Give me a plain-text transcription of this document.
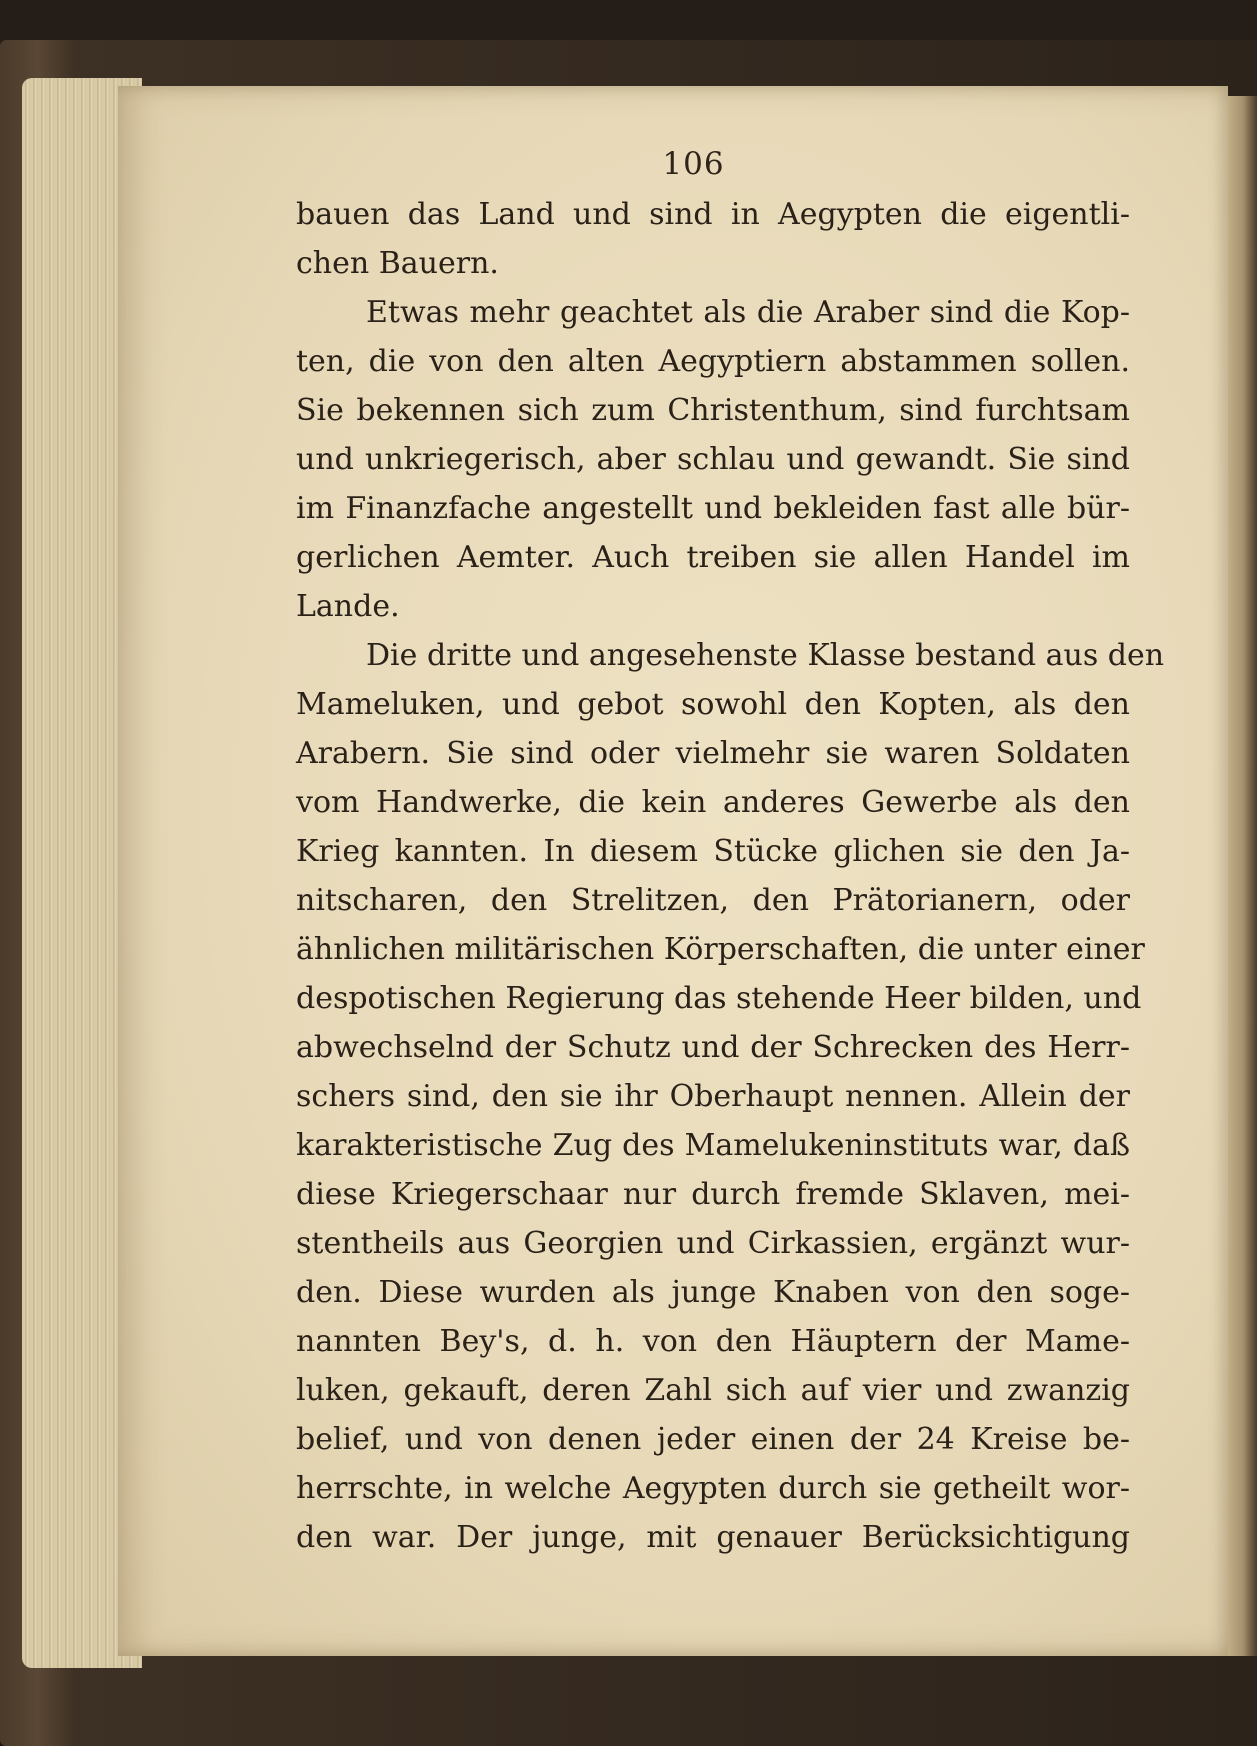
106
bauen das Land und sind in Aegypten die eigentli-
chen Bauern.
Etwas mehr geachtet als die Araber sind die Kop-
ten, die von den alten Aegyptiern abstammen sollen.
Sie bekennen sich zum Christenthum, sind furchtsam
und unkriegerisch, aber schlau und gewandt. Sie sind
im Finanzfache angestellt und bekleiden fast alle bür-
gerlichen Aemter. Auch treiben sie allen Handel im
Lande.
Die dritte und angesehenste Klasse bestand aus den
Mameluken, und gebot sowohl den Kopten, als den
Arabern. Sie sind oder vielmehr sie waren Soldaten
vom Handwerke, die kein anderes Gewerbe als den
Krieg kannten. In diesem Stücke glichen sie den Ja-
nitscharen, den Strelitzen, den Prätorianern, oder
ähnlichen militärischen Körperschaften, die unter einer
despotischen Regierung das stehende Heer bilden, und
abwechselnd der Schutz und der Schrecken des Herr-
schers sind, den sie ihr Oberhaupt nennen. Allein der
karakteristische Zug des Mamelukeninstituts war, daß
diese Kriegerschaar nur durch fremde Sklaven, mei-
stentheils aus Georgien und Cirkassien, ergänzt wur-
den. Diese wurden als junge Knaben von den soge-
nannten Bey's, d. h. von den Häuptern der Mame-
luken, gekauft, deren Zahl sich auf vier und zwanzig
belief, und von denen jeder einen der 24 Kreise be-
herrschte, in welche Aegypten durch sie getheilt wor-
den war. Der junge, mit genauer Berücksichtigung
